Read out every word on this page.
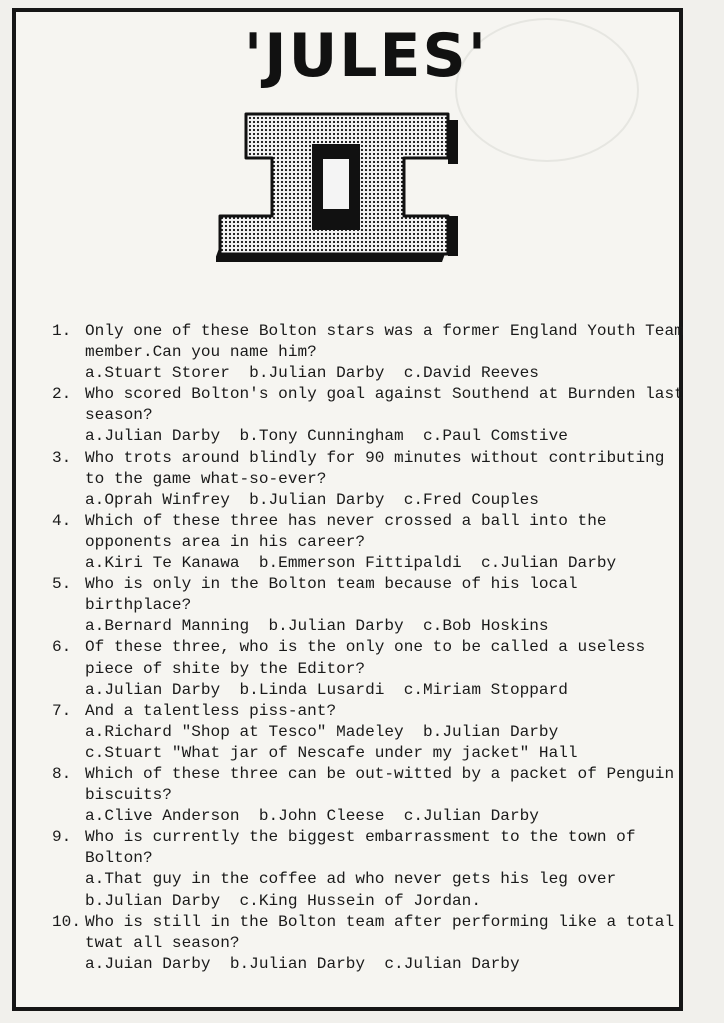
'JULES'
1. Only one of these Bolton stars was a former England Youth Team member.Can you name him?
a.Stuart Storer  b.Julian Darby  c.David Reeves
2. Who scored Bolton's only goal against Southend at Burnden last season?
a.Julian Darby  b.Tony Cunningham  c.Paul Comstive
3. Who trots around blindly for 90 minutes without contributing to the game what-so-ever?
a.Oprah Winfrey  b.Julian Darby  c.Fred Couples
4. Which of these three has never crossed a ball into the opponents area in his career?
a.Kiri Te Kanawa  b.Emmerson Fittipaldi  c.Julian Darby
5. Who is only in the Bolton team because of his local birthplace?
a.Bernard Manning  b.Julian Darby  c.Bob Hoskins
6. Of these three, who is the only one to be called a useless piece of shite by the Editor?
a.Julian Darby  b.Linda Lusardi  c.Miriam Stoppard
7. And a talentless piss-ant?
a.Richard "Shop at Tesco" Madeley  b.Julian Darby
c.Stuart "What jar of Nescafe under my jacket" Hall
8. Which of these three can be out-witted by a packet of Penguin biscuits?
a.Clive Anderson  b.John Cleese  c.Julian Darby
9. Who is currently the biggest embarrassment to the town of Bolton?
a.That guy in the coffee ad who never gets his leg over
b.Julian Darby  c.King Hussein of Jordan.
10. Who is still in the Bolton team after performing like a total twat all season?
a.Juian Darby  b.Julian Darby  c.Julian Darby
